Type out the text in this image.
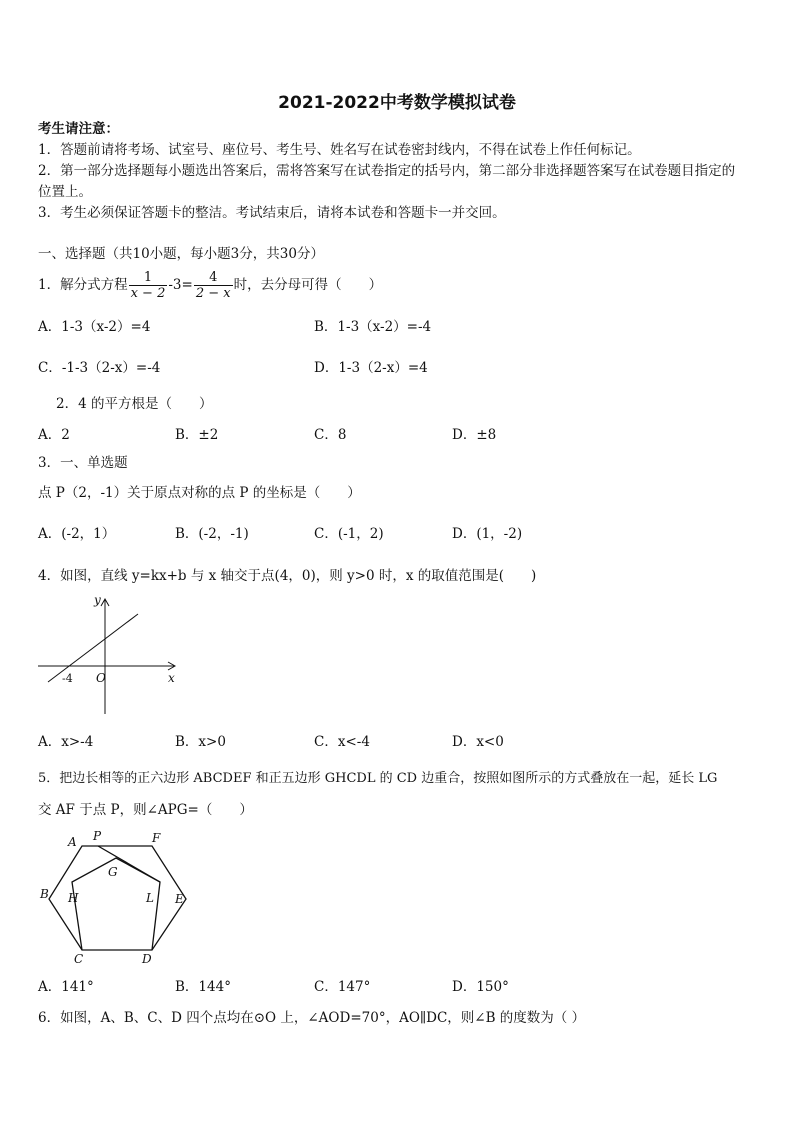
2021-2022中考数学模拟试卷
考生请注意：
1．答题前请将考场、试室号、座位号、考生号、姓名写在试卷密封线内，不得在试卷上作任何标记。
2．第一部分选择题每小题选出答案后，需将答案写在试卷指定的括号内，第二部分非选择题答案写在试卷题目指定的
位置上。
3．考生必须保证答题卡的整洁。考试结束后，请将本试卷和答题卡一并交回。
一、选择题（共10小题，每小题3分，共30分）
1．解分式方程 $\frac{1}{x - 2} -3= \frac{4}{2 - x}$ 时，去分母可得（　　）
A．1-3（x-2）=4	B．1-3（x-2）=-4
C．-1-3（2-x）=-4	D．1-3（2-x）=4
2．4 的平方根是（　　）
A．2	B．±2	C．8	D．±8
3．一、单选题
点 P（2，-1）关于原点对称的点 P 的坐标是（　　）
A．(-2，1）	B．(-2，-1)	C．(-1，2)	D．(1，-2)
4．如图，直线 y=kx+b 与 x 轴交于点(4，0)，则 y>0 时，x 的取值范围是(　　)
y
x
O
-4
A．x>-4	B．x>0	C．x<-4	D．x<0
5．把边长相等的正六边形 ABCDEF 和正五边形 GHCDL 的 CD 边重合，按照如图所示的方式叠放在一起，延长 LG
交 AF 于点 P，则∠APG=（　　）
A P	F
G
B H	L E
C	D
A．141°	B．144°	C．147°	D．150°
6．如图，A、B、C、D 四个点均在⊙O 上，∠AOD=70°，AO∥DC，则∠B 的度数为（ ）
